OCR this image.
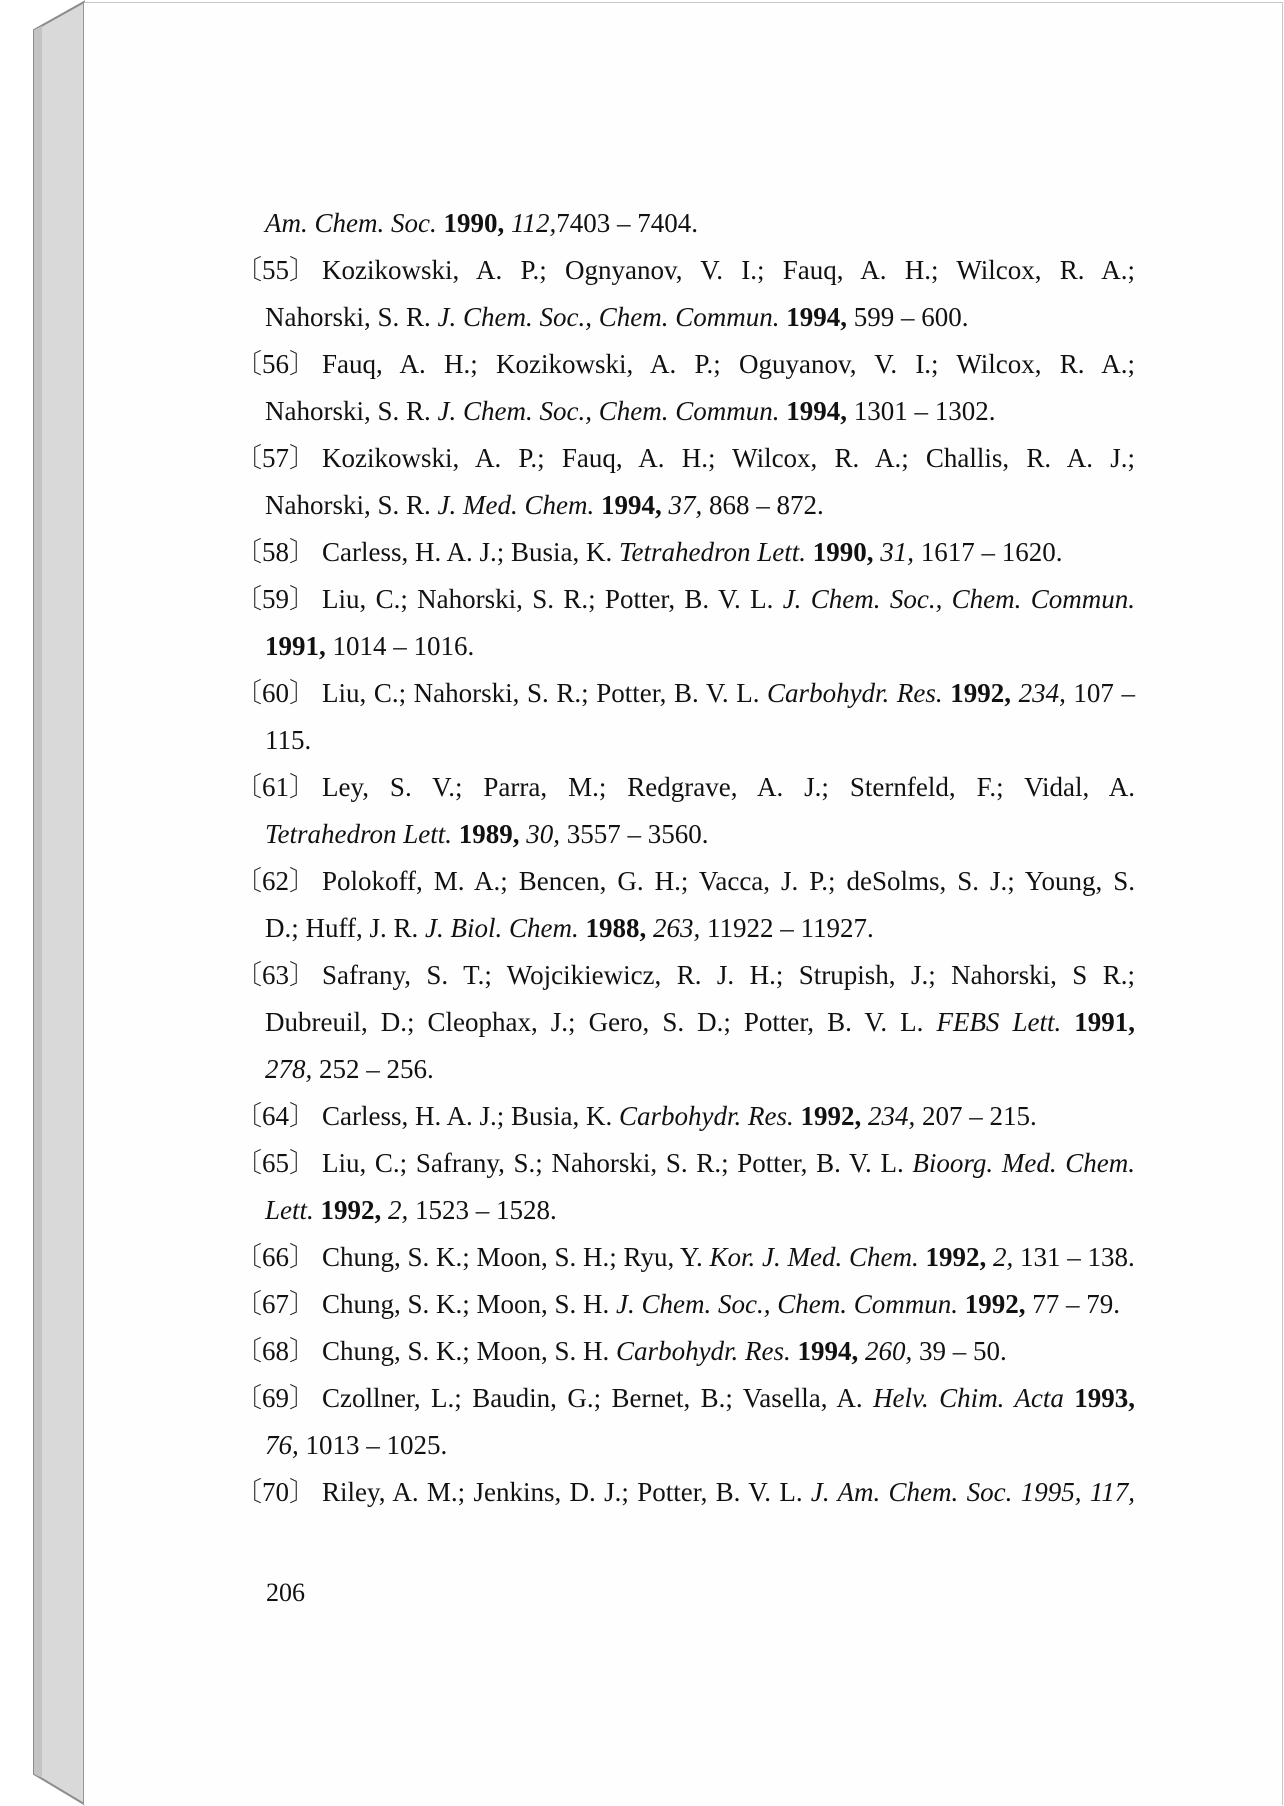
Am. Chem. Soc. 1990, 112,7403 – 7404.
〔55〕 Kozikowski, A. P.; Ognyanov, V. I.; Fauq, A. H.; Wilcox, R. A.;
Nahorski, S. R. J. Chem. Soc., Chem. Commun. 1994, 599 – 600.
〔56〕 Fauq, A. H.; Kozikowski, A. P.; Oguyanov, V. I.; Wilcox, R. A.;
Nahorski, S. R. J. Chem. Soc., Chem. Commun. 1994, 1301 – 1302.
〔57〕 Kozikowski, A. P.; Fauq, A. H.; Wilcox, R. A.; Challis, R. A. J.;
Nahorski, S. R. J. Med. Chem. 1994, 37, 868 – 872.
〔58〕 Carless, H. A. J.; Busia, K. Tetrahedron Lett. 1990, 31, 1617 – 1620.
〔59〕 Liu, C.; Nahorski, S. R.; Potter, B. V. L. J. Chem. Soc., Chem. Commun.
1991, 1014 – 1016.
〔60〕 Liu, C.; Nahorski, S. R.; Potter, B. V. L. Carbohydr. Res. 1992, 234, 107 –
115.
〔61〕 Ley, S. V.; Parra, M.; Redgrave, A. J.; Sternfeld, F.; Vidal, A.
Tetrahedron Lett. 1989, 30, 3557 – 3560.
〔62〕 Polokoff, M. A.; Bencen, G. H.; Vacca, J. P.; deSolms, S. J.; Young, S.
D.; Huff, J. R. J. Biol. Chem. 1988, 263, 11922 – 11927.
〔63〕 Safrany, S. T.; Wojcikiewicz, R. J. H.; Strupish, J.; Nahorski, S R.;
Dubreuil, D.; Cleophax, J.; Gero, S. D.; Potter, B. V. L. FEBS Lett. 1991,
278, 252 – 256.
〔64〕 Carless, H. A. J.; Busia, K. Carbohydr. Res. 1992, 234, 207 – 215.
〔65〕 Liu, C.; Safrany, S.; Nahorski, S. R.; Potter, B. V. L. Bioorg. Med. Chem.
Lett. 1992, 2, 1523 – 1528.
〔66〕 Chung, S. K.; Moon, S. H.; Ryu, Y. Kor. J. Med. Chem. 1992, 2, 131 – 138.
〔67〕 Chung, S. K.; Moon, S. H. J. Chem. Soc., Chem. Commun. 1992, 77 – 79.
〔68〕 Chung, S. K.; Moon, S. H. Carbohydr. Res. 1994, 260, 39 – 50.
〔69〕 Czollner, L.; Baudin, G.; Bernet, B.; Vasella, A. Helv. Chim. Acta 1993,
76, 1013 – 1025.
〔70〕 Riley, A. M.; Jenkins, D. J.; Potter, B. V. L. J. Am. Chem. Soc. 1995, 117,
206
